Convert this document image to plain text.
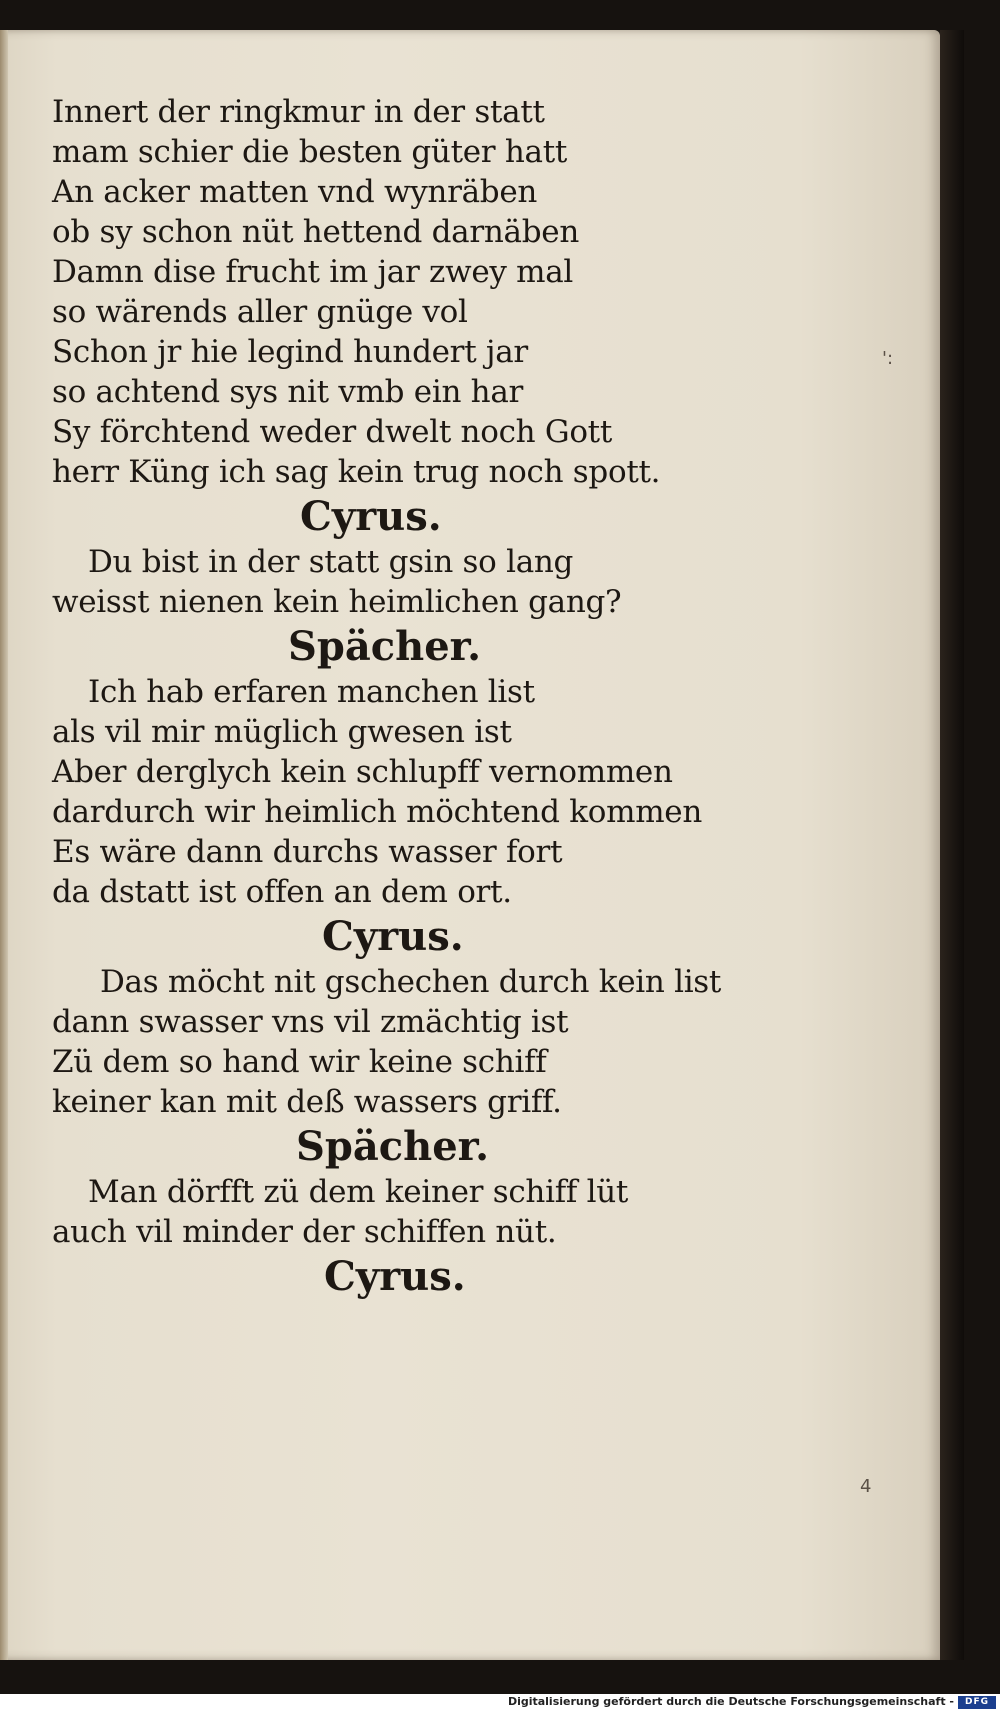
Innert der ringkmur in der statt
mam schier die besten güter hatt
An acker matten vnd wynräben
ob sy schon nüt hettend darnäben
Damn dise frucht im jar zwey mal
so wärends aller gnüge vol
Schon jr hie legind hundert jar
so achtend sys nit vmb ein har
Sy förchtend weder dwelt noch Gott
herr Küng ich sag kein trug noch spott.
Cyrus.
Du bist in der statt gsin so lang
weisst nienen kein heimlichen gang?
Spächer.
Ich hab erfaren manchen list
als vil mir müglich gwesen ist
Aber derglych kein schlupff vernommen
dardurch wir heimlich möchtend kommen
Es wäre dann durchs wasser fort
da dstatt ist offen an dem ort.
Cyrus.
Das möcht nit gschechen durch kein list
dann swasser vns vil zmächtig ist
Zü dem so hand wir keine schiff
keiner kan mit deß wassers griff.
Spächer.
Man dörfft zü dem keiner schiff lüt
auch vil minder der schiffen nüt.
Cyrus.
':
4
Digitalisierung gefördert durch die Deutsche Forschungsgemeinschaft -	DFG
